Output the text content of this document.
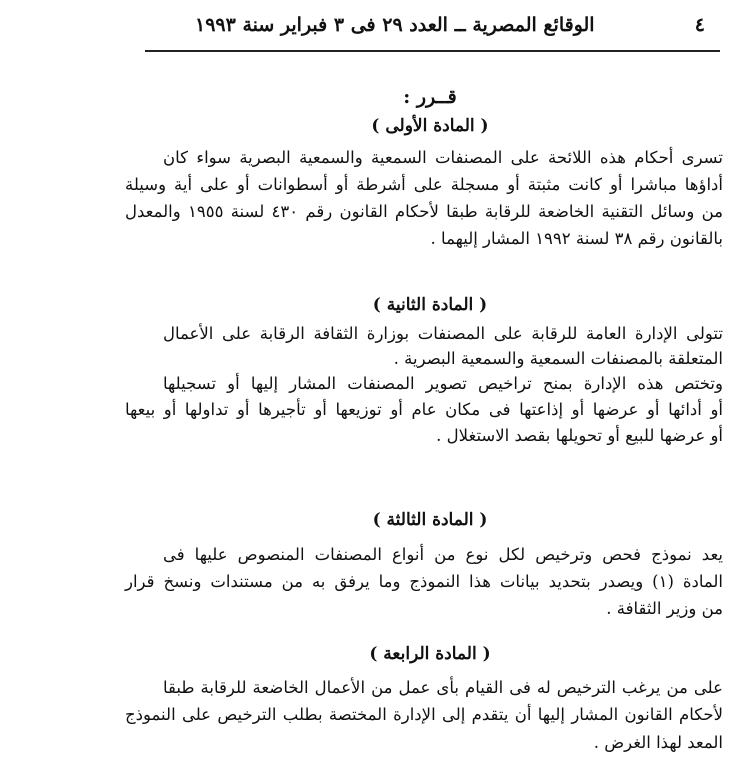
٤
الوقائع المصرية ــ العدد ٢٩ فى ٣ فبراير سنة ١٩٩٣
قــرر :
( المادة الأولى )
تسرى أحكام هذه اللائحة على المصنفات السمعية والسمعية البصرية سواء كان
أداؤها مباشرا أو كانت مثبتة أو مسجلة على أشرطة أو أسطوانات أو على أية وسيلة
من وسائل التقنية الخاضعة للرقابة طبقا لأحكام القانون رقم ٤٣٠ لسنة ١٩٥٥ والمعدل
بالقانون رقم ٣٨ لسنة ١٩٩٢ المشار إليهما .
( المادة الثانية )
تتولى الإدارة العامة للرقابة على المصنفات بوزارة الثقافة الرقابة على الأعمال
المتعلقة بالمصنفات السمعية والسمعية البصرية .
وتختص هذه الإدارة بمنح تراخيص تصوير المصنفات المشار إليها أو تسجيلها
أو أدائها أو عرضها أو إذاعتها فى مكان عام أو توزيعها أو تأجيرها أو تداولها أو بيعها
أو عرضها للبيع أو تحويلها بقصد الاستغلال .
( المادة الثالثة )
يعد نموذج فحص وترخيص لكل نوع من أنواع المصنفات المنصوص عليها فى
المادة (١) ويصدر بتحديد بيانات هذا النموذج وما يرفق به من مستندات ونسخ قرار
من وزير الثقافة .
( المادة الرابعة )
على من يرغب الترخيص له فى القيام بأى عمل من الأعمال الخاضعة للرقابة طبقا
لأحكام القانون المشار إليها أن يتقدم إلى الإدارة المختصة بطلب الترخيص على النموذج
المعد لهذا الغرض .
